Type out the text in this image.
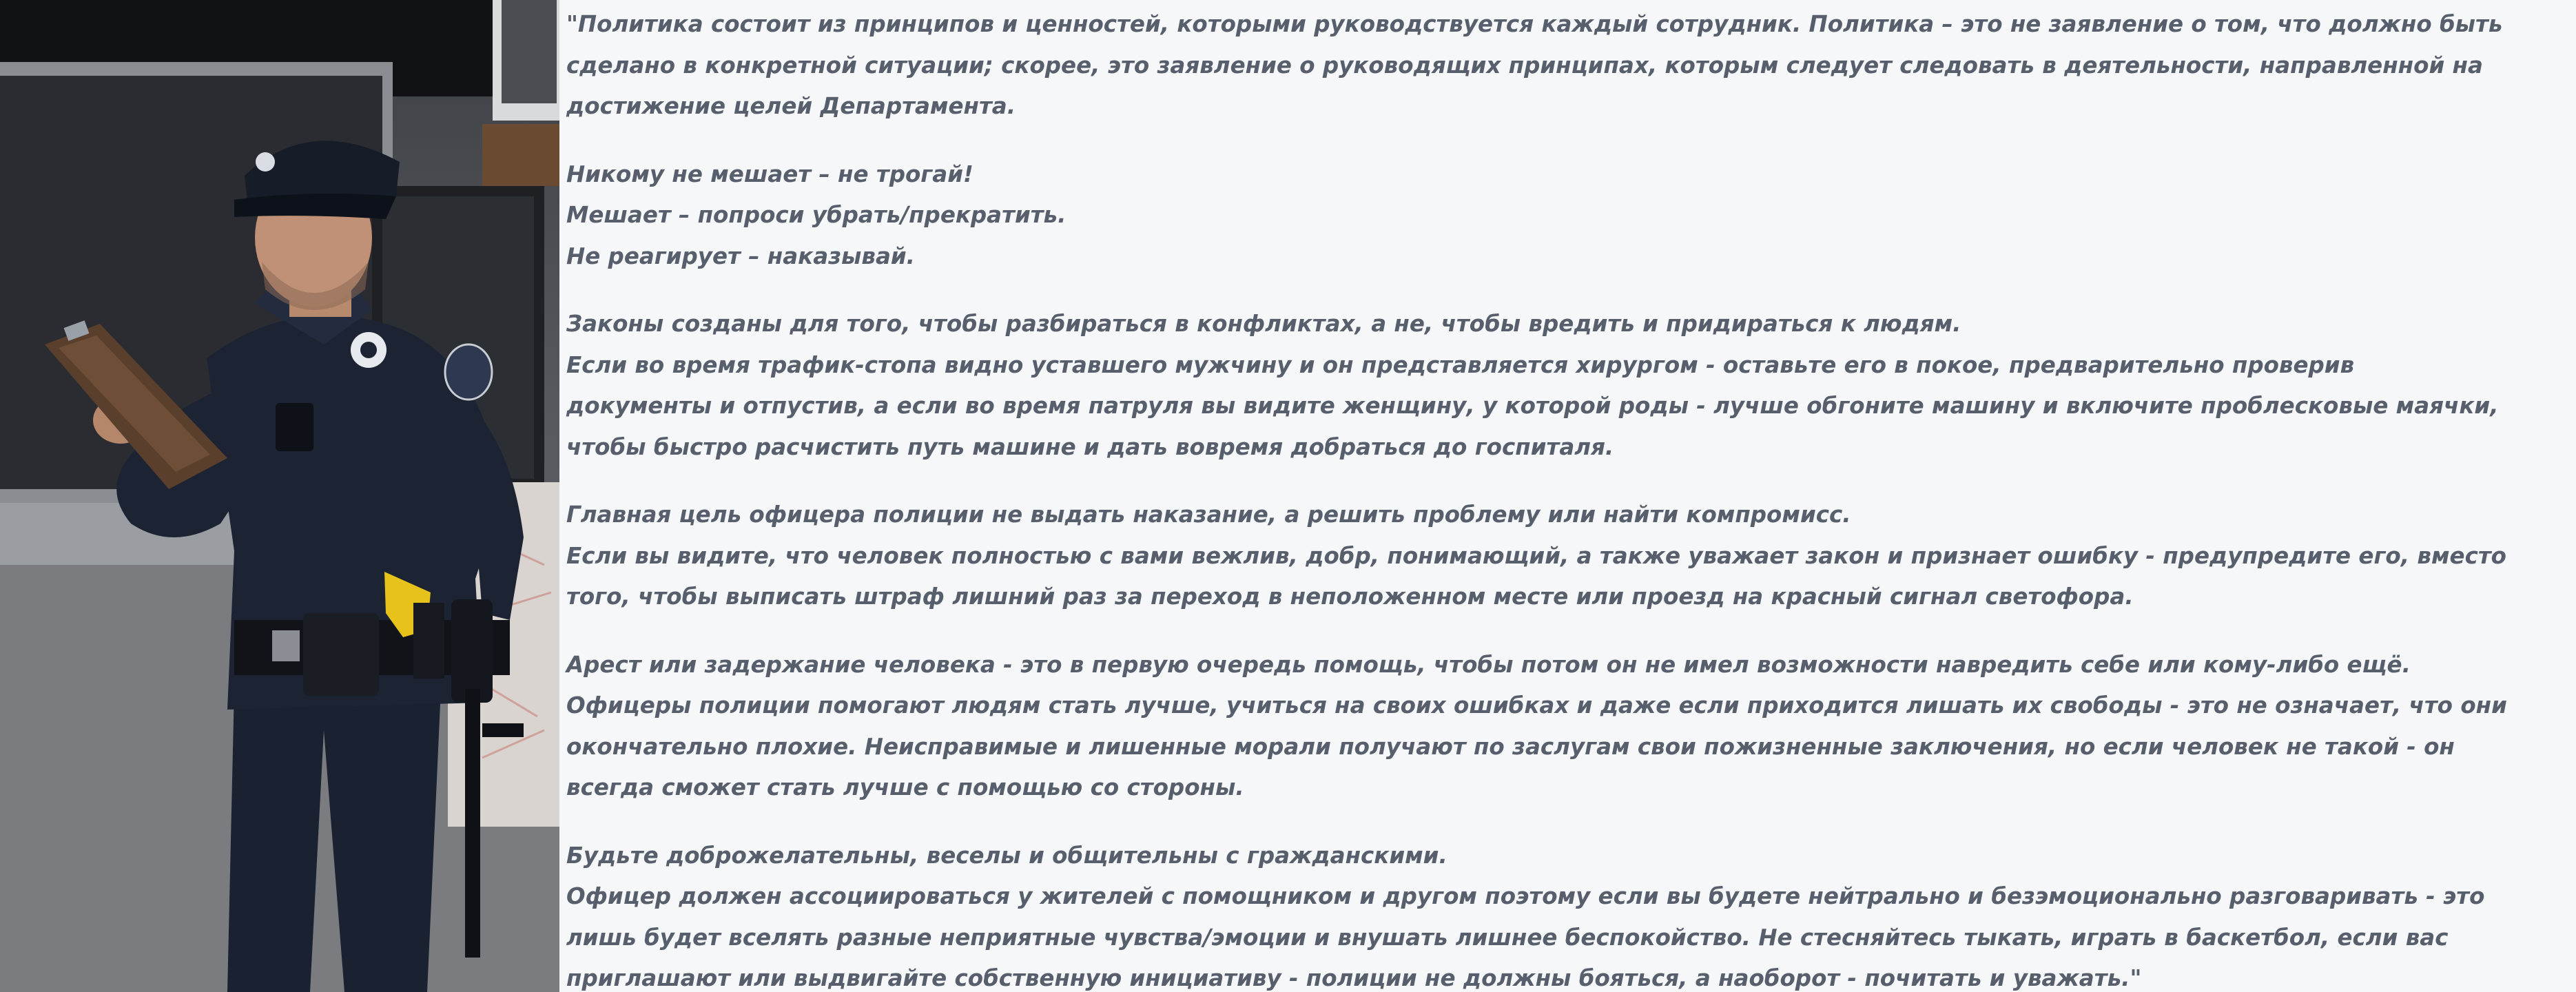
"Политика состоит из принципов и ценностей, которыми руководствуется каждый сотрудник. Политика – это не заявление о том, что должно быть
сделано в конкретной ситуации; скорее, это заявление о руководящих принципах, которым следует следовать в деятельности, направленной на
достижение целей Департамента.
Никому не мешает – не трогай!
Мешает – попроси убрать/прекратить.
Не реагирует – наказывай.
Законы созданы для того, чтобы разбираться в конфликтах, а не, чтобы вредить и придираться к людям.
Если во время трафик-стопа видно уставшего мужчину и он представляется хирургом - оставьте его в покое, предварительно проверив
документы и отпустив, а если во время патруля вы видите женщину, у которой роды - лучше обгоните машину и включите проблесковые маячки,
чтобы быстро расчистить путь машине и дать вовремя добраться до госпиталя.
Главная цель офицера полиции не выдать наказание, а решить проблему или найти компромисс.
Если вы видите, что человек полностью с вами вежлив, добр, понимающий, а также уважает закон и признает ошибку - предупредите его, вместо
того, чтобы выписать штраф лишний раз за переход в неположенном месте или проезд на красный сигнал светофора.
Арест или задержание человека - это в первую очередь помощь, чтобы потом он не имел возможности навредить себе или кому-либо ещё.
Офицеры полиции помогают людям стать лучше, учиться на своих ошибках и даже если приходится лишать их свободы - это не означает, что они
окончательно плохие. Неисправимые и лишенные морали получают по заслугам свои пожизненные заключения, но если человек не такой - он
всегда сможет стать лучше с помощью со стороны.
Будьте доброжелательны, веселы и общительны с гражданскими.
Офицер должен ассоциироваться у жителей с помощником и другом поэтому если вы будете нейтрально и безэмоционально разговаривать - это
лишь будет вселять разные неприятные чувства/эмоции и внушать лишнее беспокойство. Не стесняйтесь тыкать, играть в баскетбол, если вас
приглашают или выдвигайте собственную инициативу - полиции не должны бояться, а наоборот - почитать и уважать."
